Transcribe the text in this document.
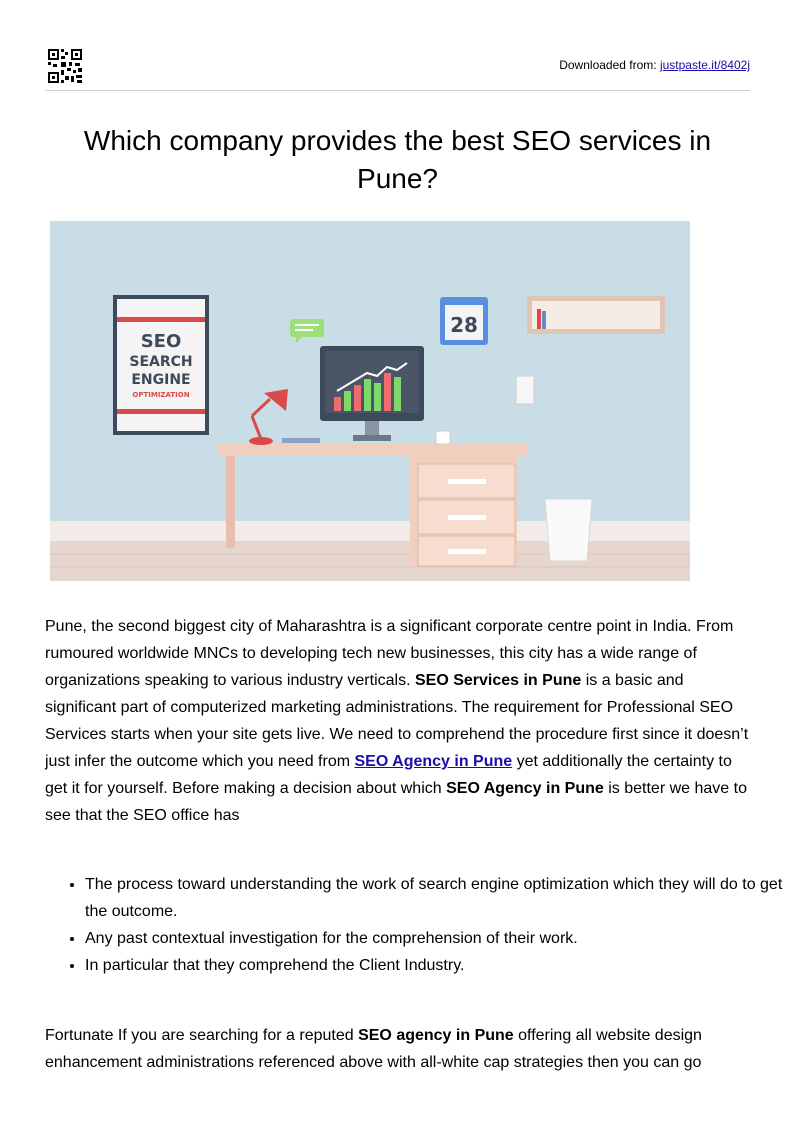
Downloaded from: justpaste.it/8402j
Which company provides the best SEO services in Pune?
SEO
SEARCH
ENGINE
OPTIMIZATION
28
Pune, the second biggest city of Maharashtra is a significant corporate centre point in India. From rumoured worldwide MNCs to developing tech new businesses, this city has a wide range of organizations speaking to various industry verticals. SEO Services in Pune is a basic and significant part of computerized marketing administrations. The requirement for Professional SEO Services starts when your site gets live. We need to comprehend the procedure first since it doesn’t just infer the outcome which you need from SEO Agency in Pune yet additionally the certainty to get it for yourself. Before making a decision about which SEO Agency in Pune is better we have to see that the SEO office has
• The process toward understanding the work of search engine optimization which they will do to get the outcome.
• Any past contextual investigation for the comprehension of their work.
• In particular that they comprehend the Client Industry.
Fortunate If you are searching for a reputed SEO agency in Pune offering all website design enhancement administrations referenced above with all-white cap strategies then you can go
